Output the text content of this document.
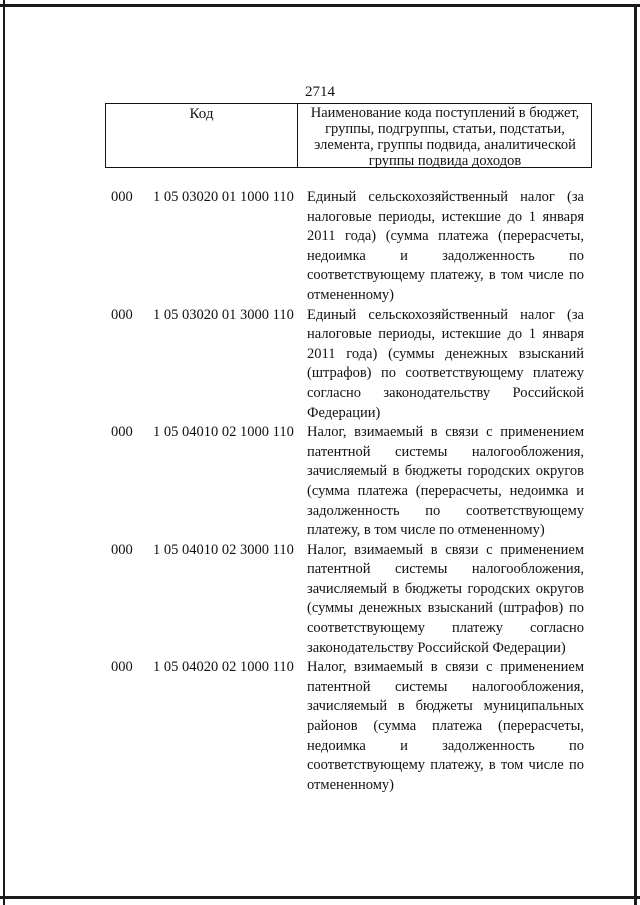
2714
Код	Наименование кода поступлений в бюджет, группы, подгруппы, статьи, подстатьи, элемента, группы подвида, аналитической группы подвида доходов
000 1 05 03020 01 1000 110 Единый сельскохозяйственный налог (за налоговые периоды, истекшие до 1 января 2011 года) (сумма платежа (перерасчеты, недоимка и задолженность по соответствующему платежу, в том числе по отмененному)
000 1 05 03020 01 3000 110 Единый сельскохозяйственный налог (за налоговые периоды, истекшие до 1 января 2011 года) (суммы денежных взысканий (штрафов) по соответствующему платежу согласно законодательству Российской Федерации)
000 1 05 04010 02 1000 110 Налог, взимаемый в связи с применением патентной системы налогообложения, зачисляемый в бюджеты городских округов (сумма платежа (перерасчеты, недоимка и задолженность по соответствующему платежу, в том числе по отмененному)
000 1 05 04010 02 3000 110 Налог, взимаемый в связи с применением патентной системы налогообложения, зачисляемый в бюджеты городских округов (суммы денежных взысканий (штрафов) по соответствующему платежу согласно законодательству Российской Федерации)
000 1 05 04020 02 1000 110 Налог, взимаемый в связи с применением патентной системы налогообложения, зачисляемый в бюджеты муниципальных районов (сумма платежа (перерасчеты, недоимка и задолженность по соответствующему платежу, в том числе по отмененному)
